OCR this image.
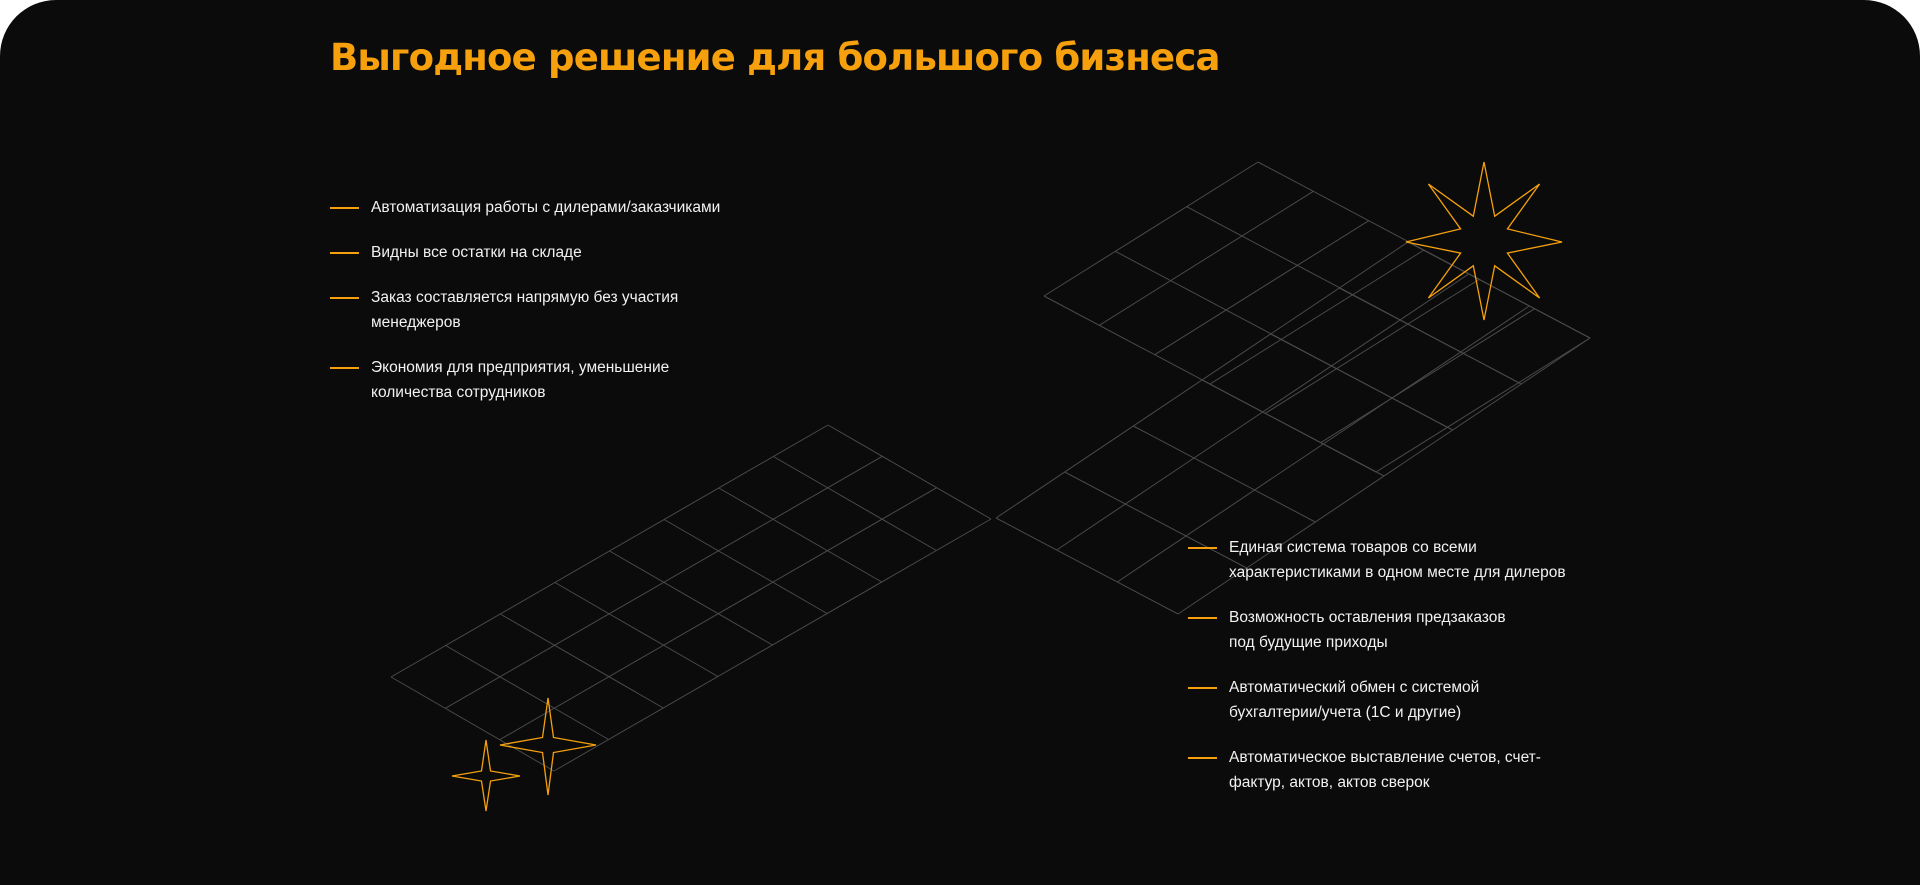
Выгодное решение для большого бизнеса
Автоматизация работы с дилерами/заказчиками
Видны все остатки на складе
Заказ составляется напрямую без участия менеджеров
Экономия для предприятия, уменьшение количества сотрудников
Единая система товаров со всеми характеристиками в одном месте для дилеров
Возможность оставления предзаказов под будущие приходы
Автоматический обмен с системой бухгалтерии/учета (1С и другие)
Автоматическое выставление счетов, счет-фактур, актов, актов сверок
